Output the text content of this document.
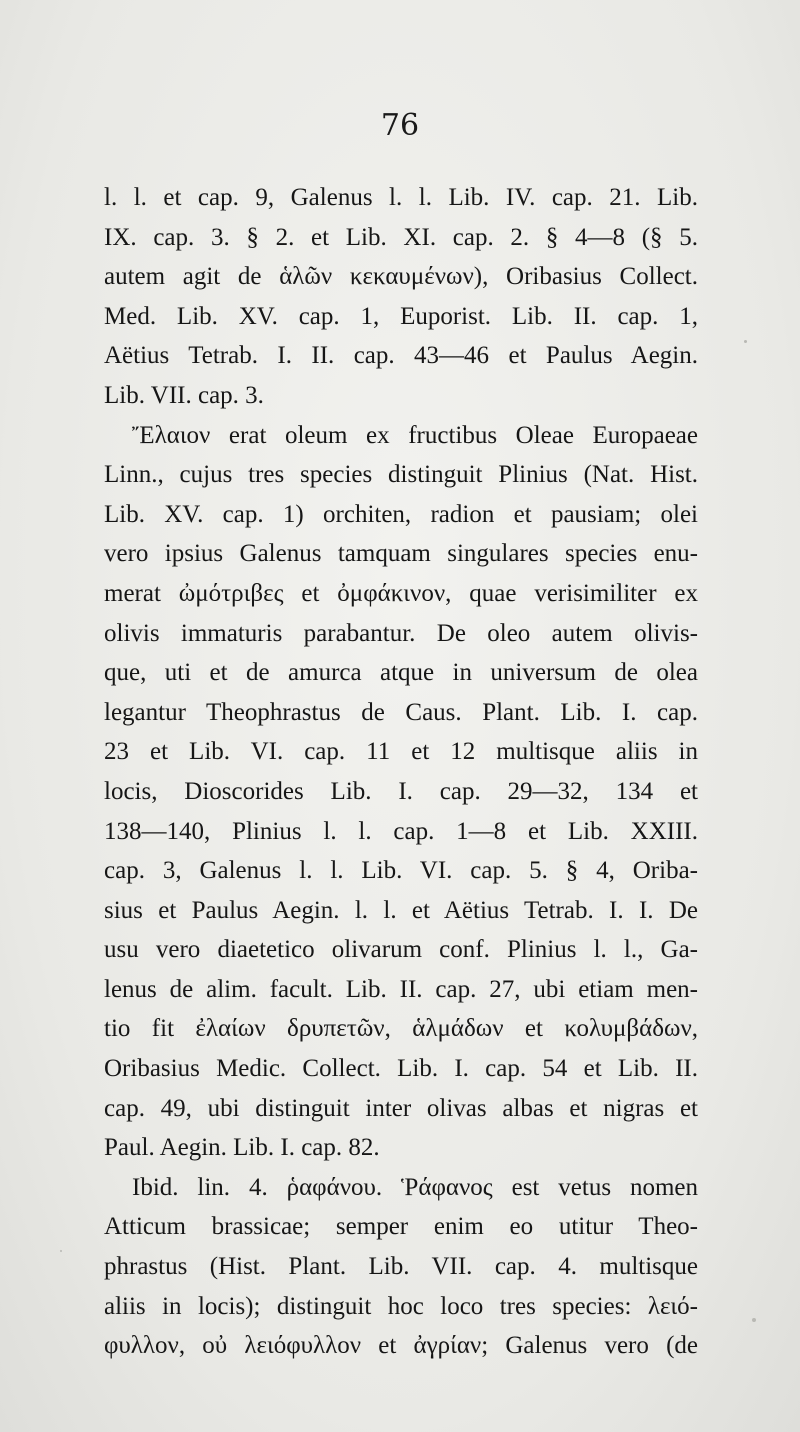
76
l. l. et cap. 9, Galenus l. l. Lib. IV. cap. 21. Lib.
IX. cap. 3. § 2. et Lib. XI. cap. 2. § 4—8 (§ 5.
autem agit de ἁλῶν κεκαυμένων), Oribasius Collect.
Med. Lib. XV. cap. 1, Euporist. Lib. II. cap. 1,
Aëtius Tetrab. I. II. cap. 43—46 et Paulus Aegin.
Lib. VII. cap. 3.
Ἔλαιον erat oleum ex fructibus Oleae Europaeae
Linn., cujus tres species distinguit Plinius (Nat. Hist.
Lib. XV. cap. 1) orchiten, radion et pausiam; olei
vero ipsius Galenus tamquam singulares species enu-
merat ὠμότριβες et ὀμφάκινον, quae verisimiliter ex
olivis immaturis parabantur. De oleo autem olivis-
que, uti et de amurca atque in universum de olea
legantur Theophrastus de Caus. Plant. Lib. I. cap.
23 et Lib. VI. cap. 11 et 12 multisque aliis in
locis, Dioscorides Lib. I. cap. 29—32, 134 et
138—140, Plinius l. l. cap. 1—8 et Lib. XXIII.
cap. 3, Galenus l. l. Lib. VI. cap. 5. § 4, Oriba-
sius et Paulus Aegin. l. l. et Aëtius Tetrab. I. I. De
usu vero diaetetico olivarum conf. Plinius l. l., Ga-
lenus de alim. facult. Lib. II. cap. 27, ubi etiam men-
tio fit ἐλαίων δρυπετῶν, ἁλμάδων et κολυμβάδων,
Oribasius Medic. Collect. Lib. I. cap. 54 et Lib. II.
cap. 49, ubi distinguit inter olivas albas et nigras et
Paul. Aegin. Lib. I. cap. 82.
Ibid. lin. 4. ῥαφάνου. Ῥάφανος est vetus nomen
Atticum brassicae; semper enim eo utitur Theo-
phrastus (Hist. Plant. Lib. VII. cap. 4. multisque
aliis in locis); distinguit hoc loco tres species: λειό-
φυλλον, οὐ λειόφυλλον et ἀγρίαν; Galenus vero (de
